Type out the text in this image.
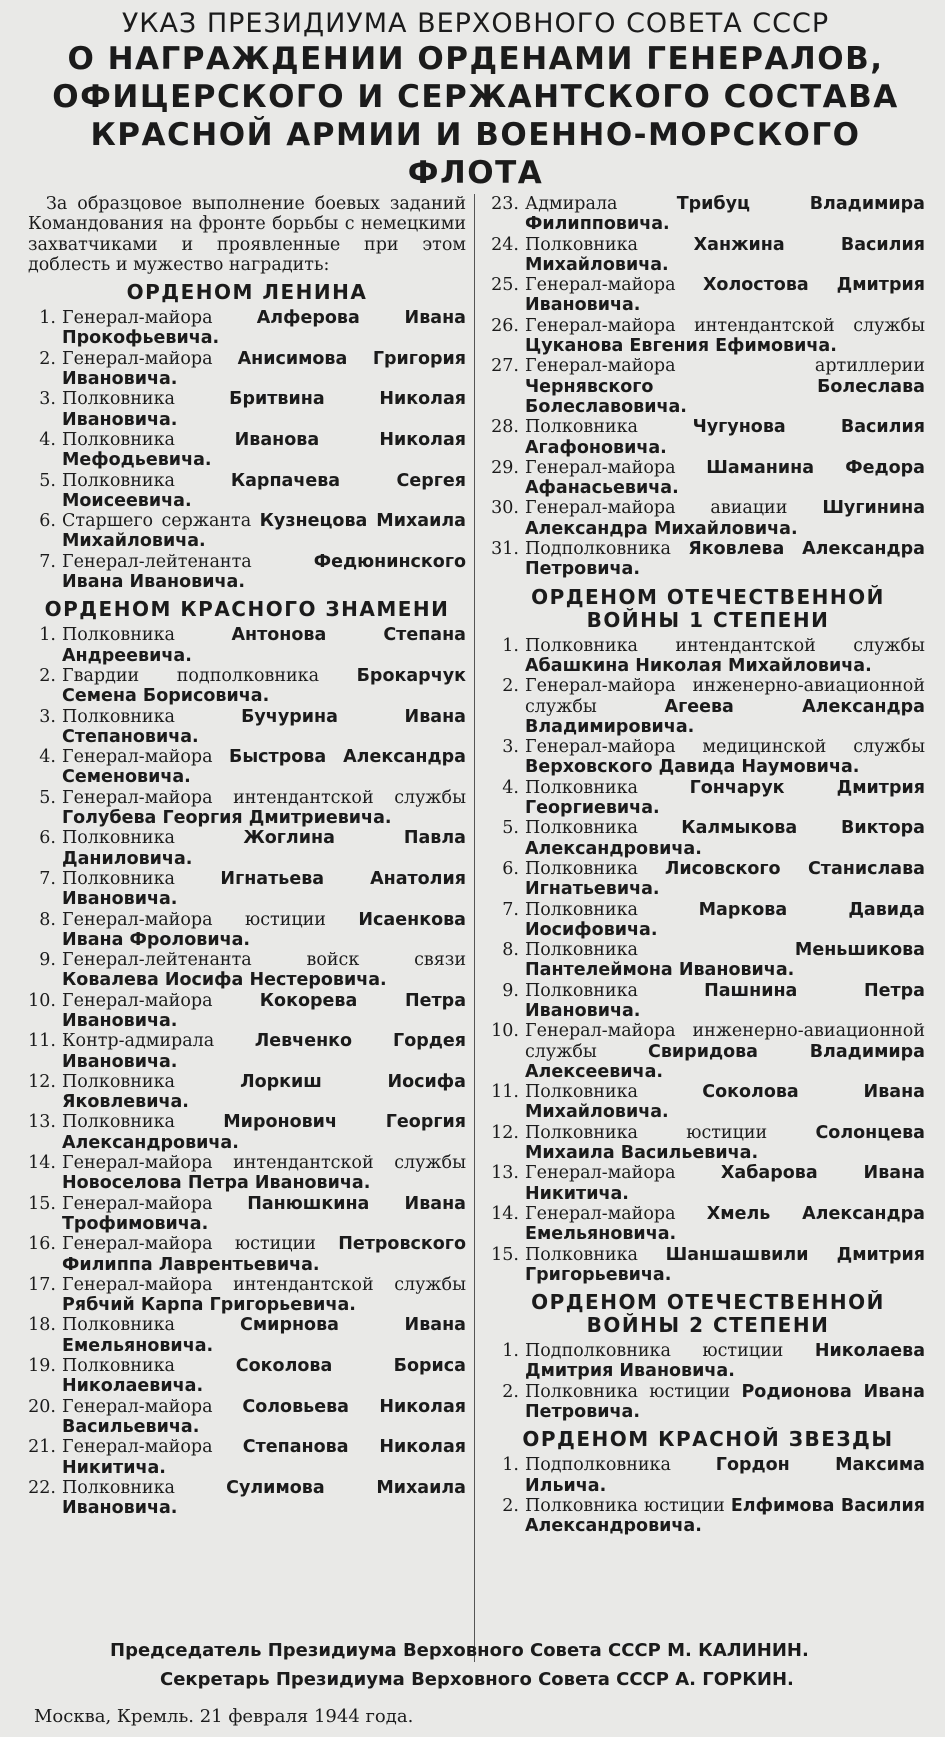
УКАЗ ПРЕЗИДИУМА ВЕРХОВНОГО СОВЕТА СССР
О НАГРАЖДЕНИИ ОРДЕНАМИ ГЕНЕРАЛОВ,
ОФИЦЕРСКОГО И СЕРЖАНТСКОГО СОСТАВА
КРАСНОЙ АРМИИ И ВОЕННО-МОРСКОГО ФЛОТА

За образцовое выполнение боевых заданий Командования на фронте борьбы с немецкими захватчиками и проявленные при этом доблесть и мужество наградить:

ОРДЕНОМ ЛЕНИНА
1. Генерал-майора	Алферова Ивана Прокофьевича.
2. Генерал-майора Анисимова Григория Ивановича.
3. Полковника	Бритвина Николая Ивановича.
4. Полковника	Иванова Николая Мефодьевича.
5. Полковника	Карпачева Сергея Моисеевича.
6. Старшего сержанта Кузнецова Михаила Михайловича.
7. Генерал-лейтенанта	Федюнинского Ивана Ивановича.
ОРДЕНОМ КРАСНОГО ЗНАМЕНИ
1. Полковника	Антонова Степана Андреевича.
2. Гвардии подполковника Брокарчук Семена Борисовича.
3. Полковника	Бучурина Ивана Степановича.
4. Генерал-майора Быстрова Александра Семеновича.
5. Генерал-майора интендантской службы Голубева Георгия Дмитриевича.
6. Полковника	Жоглина Павла Даниловича.
7. Полковника	Игнатьева Анатолия Ивановича.
8. Генерал-майора юстиции Исаенкова Ивана Фроловича.
9. Генерал-лейтенанта войск связи Ковалева Иосифа Нестеровича.
10. Генерал-майора	Кокорева Петра Ивановича.
11. Контр-адмирала Левченко Гордея Ивановича.
12. Полковника	Лоркиш Иосифа Яковлевича.
13. Полковника	Миронович Георгия Александровича.
14. Генерал-майора интендантской службы Новоселова Петра Ивановича.
15. Генерал-майора Панюшкина Ивана Трофимовича.
16. Генерал-майора юстиции Петровского Филиппа Лаврентьевича.
17. Генерал-майора интендантской службы Рябчий Карпа Григорьевича.
18. Полковника	Смирнова Ивана Емельяновича.
19. Полковника	Соколова Бориса Николаевича.
20. Генерал-майора Соловьева Николая Васильевича.
21. Генерал-майора Степанова Николая Никитича.
22. Полковника	Сулимова Михаила Ивановича.
23. Адмирала	Трибуц Владимира Филипповича.
24. Полковника	Ханжина Василия Михайловича.
25. Генерал-майора Холостова Дмитрия Ивановича.
26. Генерал-майора интендантской службы Цуканова Евгения Ефимовича.
27. Генерал-майора артиллерии Чернявского Болеслава Болеславовича.
28. Полковника	Чугунова Василия Агафоновича.
29. Генерал-майора Шаманина Федора Афанасьевича.
30. Генерал-майора авиации Шугинина Александра Михайловича.
31. Подполковника Яковлева Александра Петровича.
ОРДЕНОМ ОТЕЧЕСТВЕННОЙ ВОЙНЫ 1 СТЕПЕНИ
1. Полковника интендантской службы Абашкина Николая Михайловича.
2. Генерал-майора инженерно-авиационной службы	Агеева Александра Владимировича.
3. Генерал-майора медицинской службы Верховского Давида Наумовича.
4. Полковника	Гончарук Дмитрия Георгиевича.
5. Полковника Калмыкова Виктора Александровича.
6. Полковника Лисовского Станислава Игнатьевича.
7. Полковника	Маркова Давида Иосифовича.
8. Полковника	Меньшикова Пантелеймона Ивановича.
9. Полковника	Пашнина Петра Ивановича.
10. Генерал-майора инженерно-авиационной службы	Свиридова Владимира Алексеевича.
11. Полковника	Соколова Ивана Михайловича.
12. Полковника юстиции	Солонцева Михаила Васильевича.
13. Генерал-майора	Хабарова Ивана Никитича.
14. Генерал-майора Хмель Александра Емельяновича.
15. Полковника Шаншашвили Дмитрия Григорьевича.
ОРДЕНОМ ОТЕЧЕСТВЕННОЙ ВОЙНЫ 2 СТЕПЕНИ
1. Подполковника юстиции Николаева Дмитрия Ивановича.
2. Полковника юстиции Родионова Ивана Петровича.
ОРДЕНОМ КРАСНОЙ ЗВЕЗДЫ
1. Подполковника	Гордон Максима Ильича.
2. Полковника юстиции Елфимова Василия Александровича.
Председатель Президиума Верховного Совета СССР М. КАЛИНИН.
Секретарь Президиума Верховного Совета СССР А. ГОРКИН.
Москва, Кремль. 21 февраля 1944 года.
